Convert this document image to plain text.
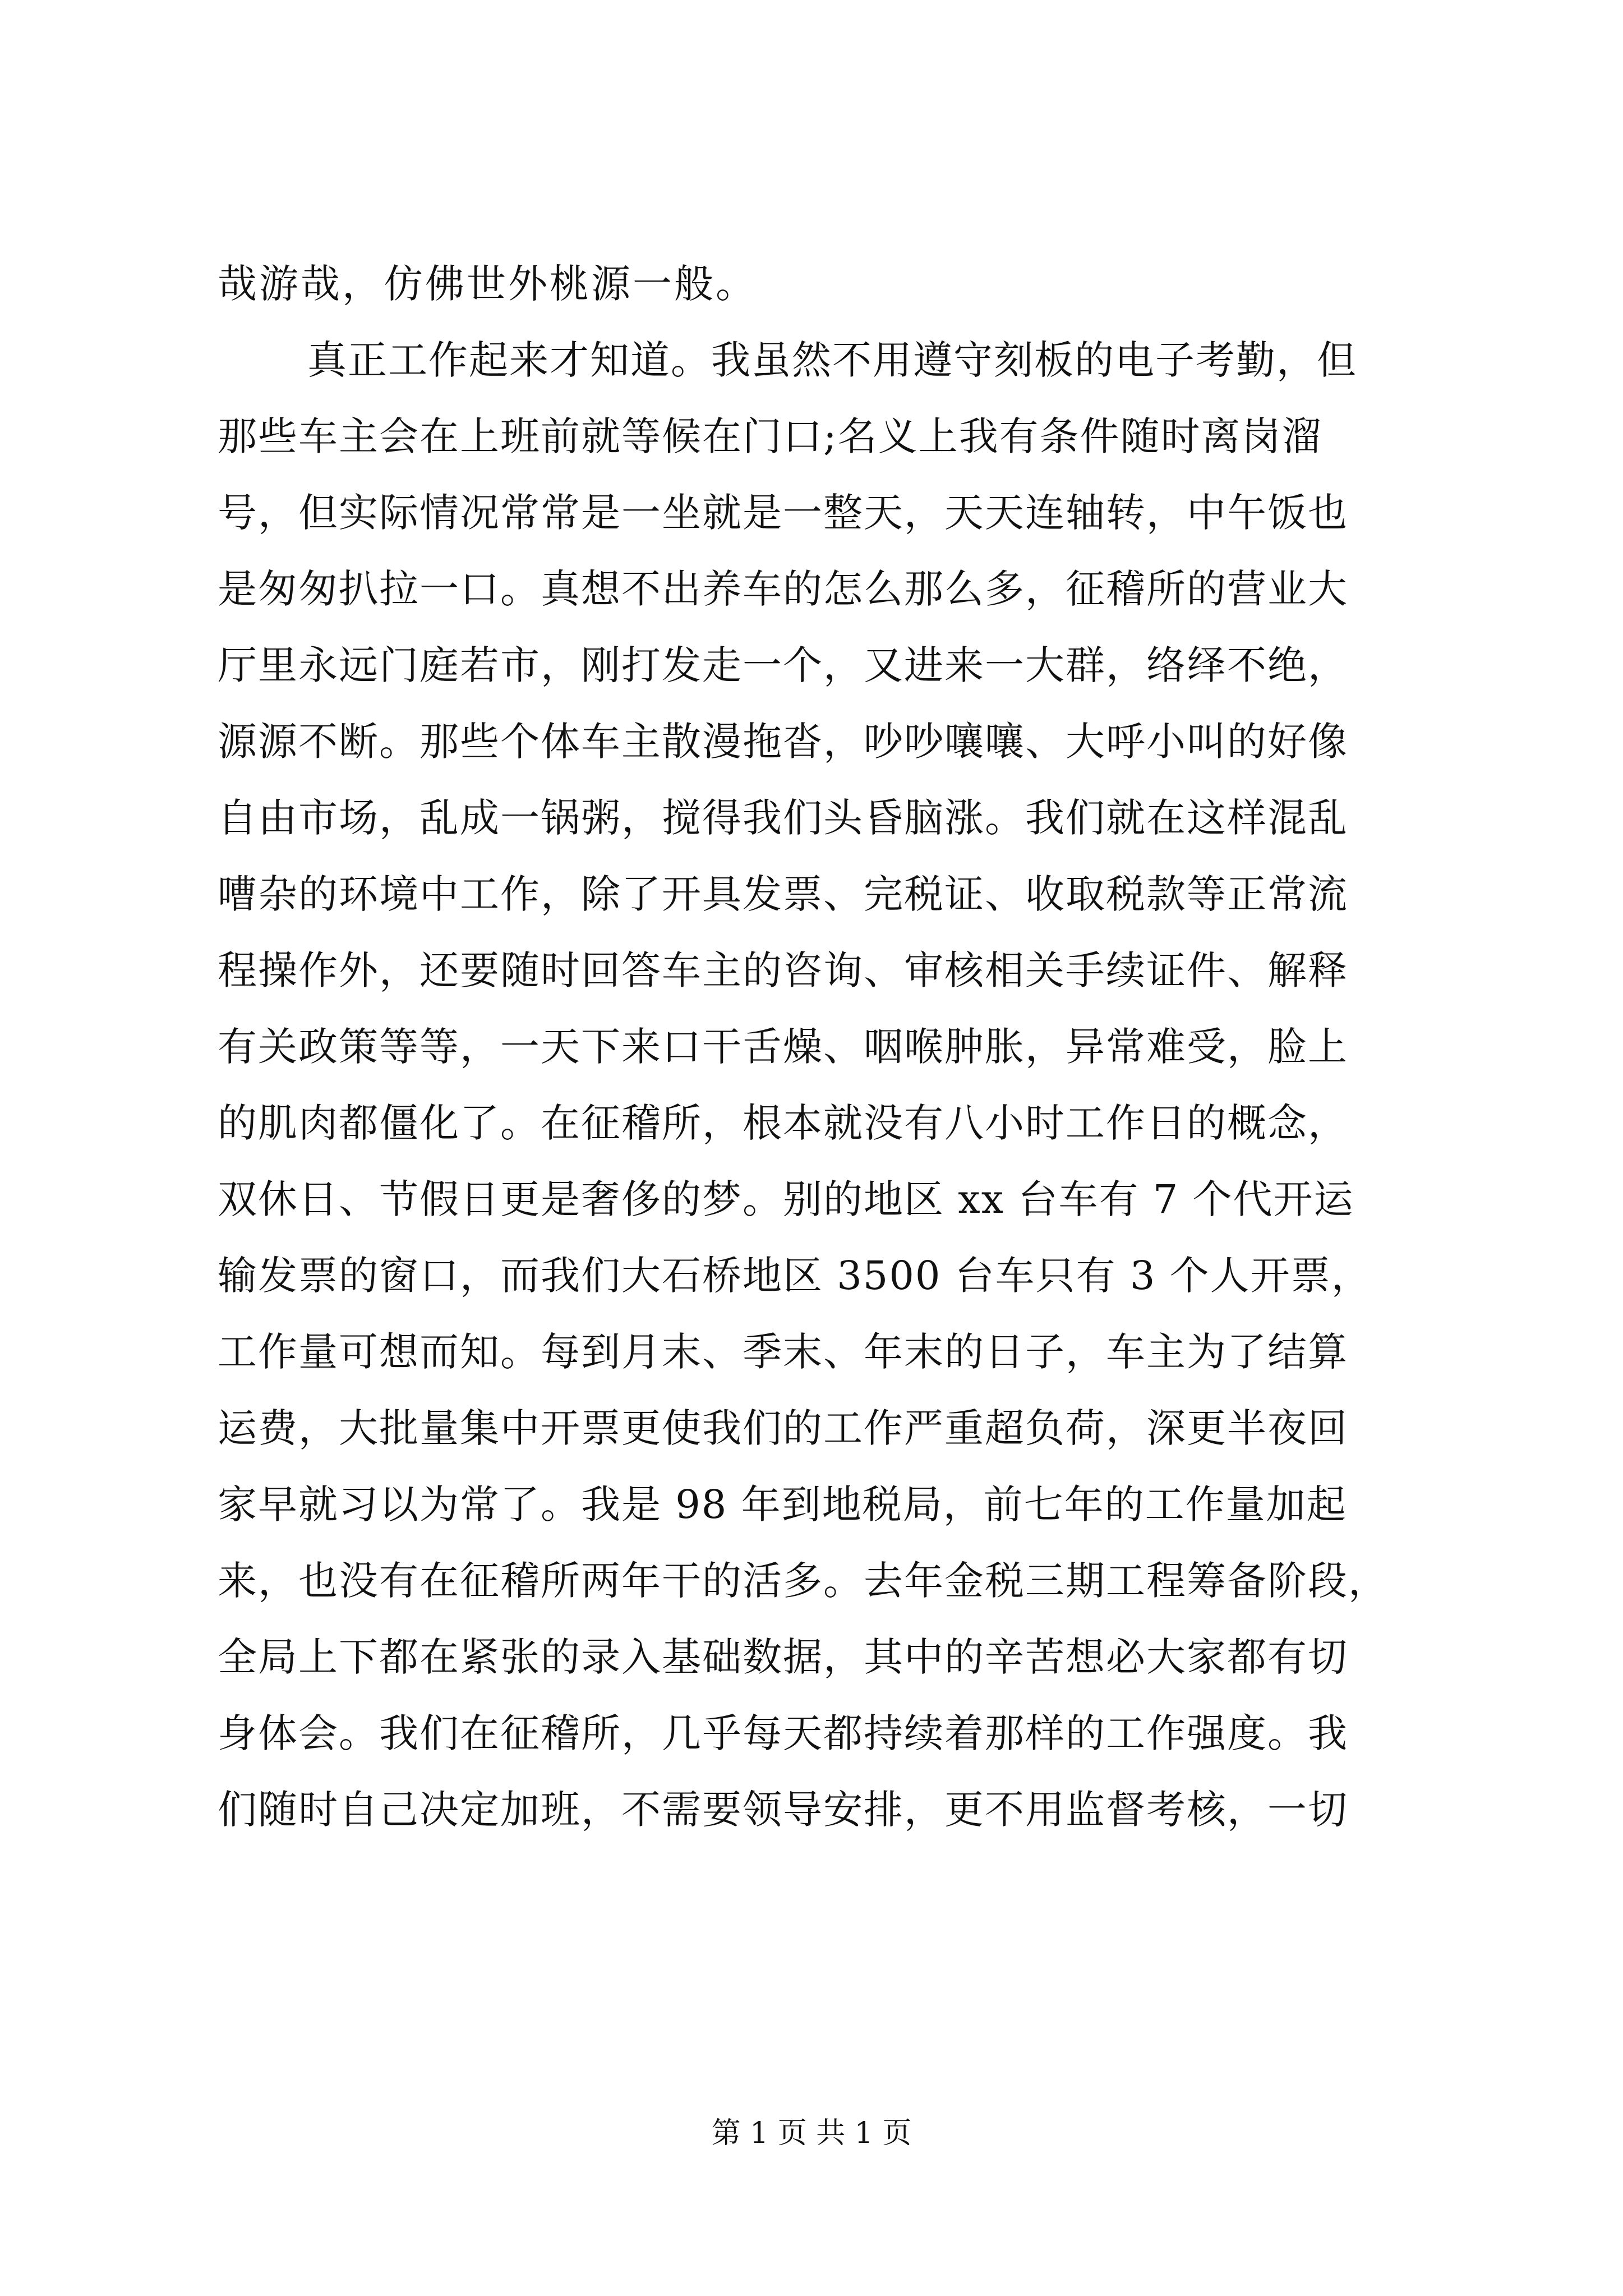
哉游哉，仿佛世外桃源一般。
真正工作起来才知道。我虽然不用遵守刻板的电子考勤，但
那些车主会在上班前就等候在门口;名义上我有条件随时离岗溜
号，但实际情况常常是一坐就是一整天，天天连轴转，中午饭也
是匆匆扒拉一口。真想不出养车的怎么那么多，征稽所的营业大
厅里永远门庭若市，刚打发走一个，又进来一大群，络绎不绝，
源源不断。那些个体车主散漫拖沓，吵吵嚷嚷、大呼小叫的好像
自由市场，乱成一锅粥，搅得我们头昏脑涨。我们就在这样混乱
嘈杂的环境中工作，除了开具发票、完税证、收取税款等正常流
程操作外，还要随时回答车主的咨询、审核相关手续证件、解释
有关政策等等，一天下来口干舌燥、咽喉肿胀，异常难受，脸上
的肌肉都僵化了。在征稽所，根本就没有八小时工作日的概念，
双休日、节假日更是奢侈的梦。别的地区 xx 台车有 7 个代开运
输发票的窗口，而我们大石桥地区 3500 台车只有 3 个人开票，
工作量可想而知。每到月末、季末、年末的日子，车主为了结算
运费，大批量集中开票更使我们的工作严重超负荷，深更半夜回
家早就习以为常了。我是 98 年到地税局，前七年的工作量加起
来，也没有在征稽所两年干的活多。去年金税三期工程筹备阶段，
全局上下都在紧张的录入基础数据，其中的辛苦想必大家都有切
身体会。我们在征稽所，几乎每天都持续着那样的工作强度。我
们随时自己决定加班，不需要领导安排，更不用监督考核，一切
第 1 页 共 1 页
